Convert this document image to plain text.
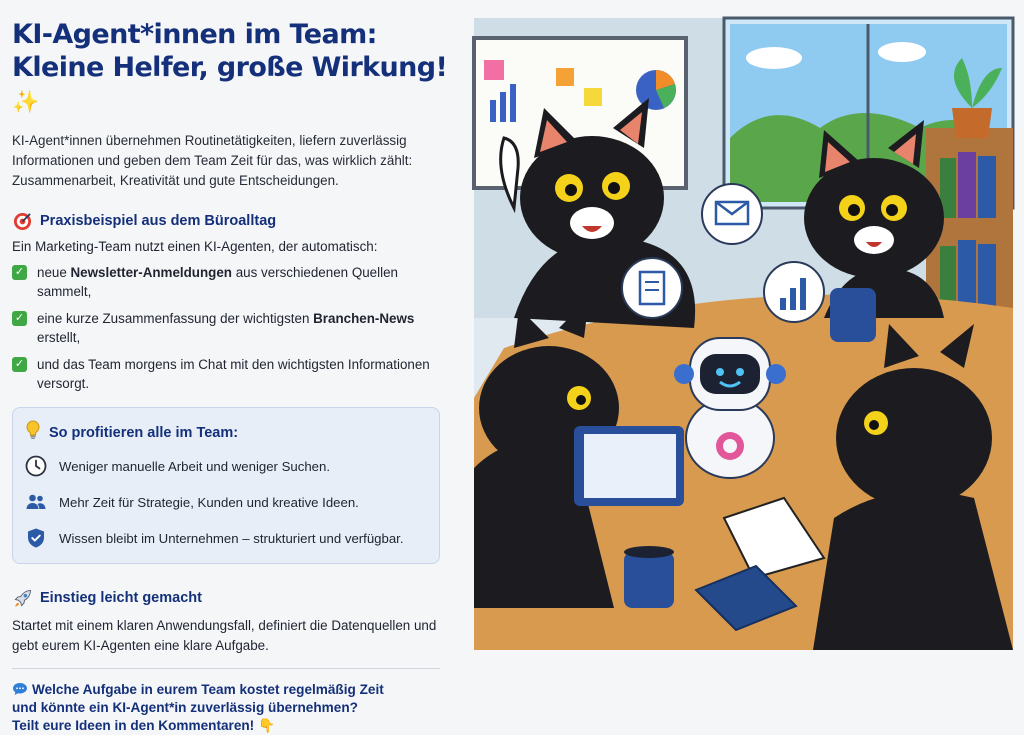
KI-Agent*innen im Team:
Kleine Helfer, große Wirkung! ✨

KI-Agent*innen übernehmen Routinetätigkeiten, liefern zuverlässig Informationen und geben dem Team Zeit für das, was wirklich zählt: Zusammenarbeit, Kreativität und gute Entscheidungen.

Praxisbeispiel aus dem Büroalltag

Ein Marketing-Team nutzt einen KI-Agenten, der automatisch:

✓ neue Newsletter-Anmeldungen aus verschiedenen Quellen sammelt,
✓ eine kurze Zusammenfassung der wichtigsten Branchen-News erstellt,
✓ und das Team morgens im Chat mit den wichtigsten Informationen versorgt.
So profitieren alle im Team:
Weniger manuelle Arbeit und weniger Suchen.
Mehr Zeit für Strategie, Kunden und kreative Ideen.
Wissen bleibt im Unternehmen – strukturiert und verfügbar.
Einstieg leicht gemacht

Startet mit einem klaren Anwendungsfall, definiert die Datenquellen und gebt eurem KI-Agenten eine klare Aufgabe.

Welche Aufgabe in eurem Team kostet regelmäßig Zeit
und könnte ein KI-Agent*in zuverlässig übernehmen?
Teilt eure Ideen in den Kommentaren! 👇
